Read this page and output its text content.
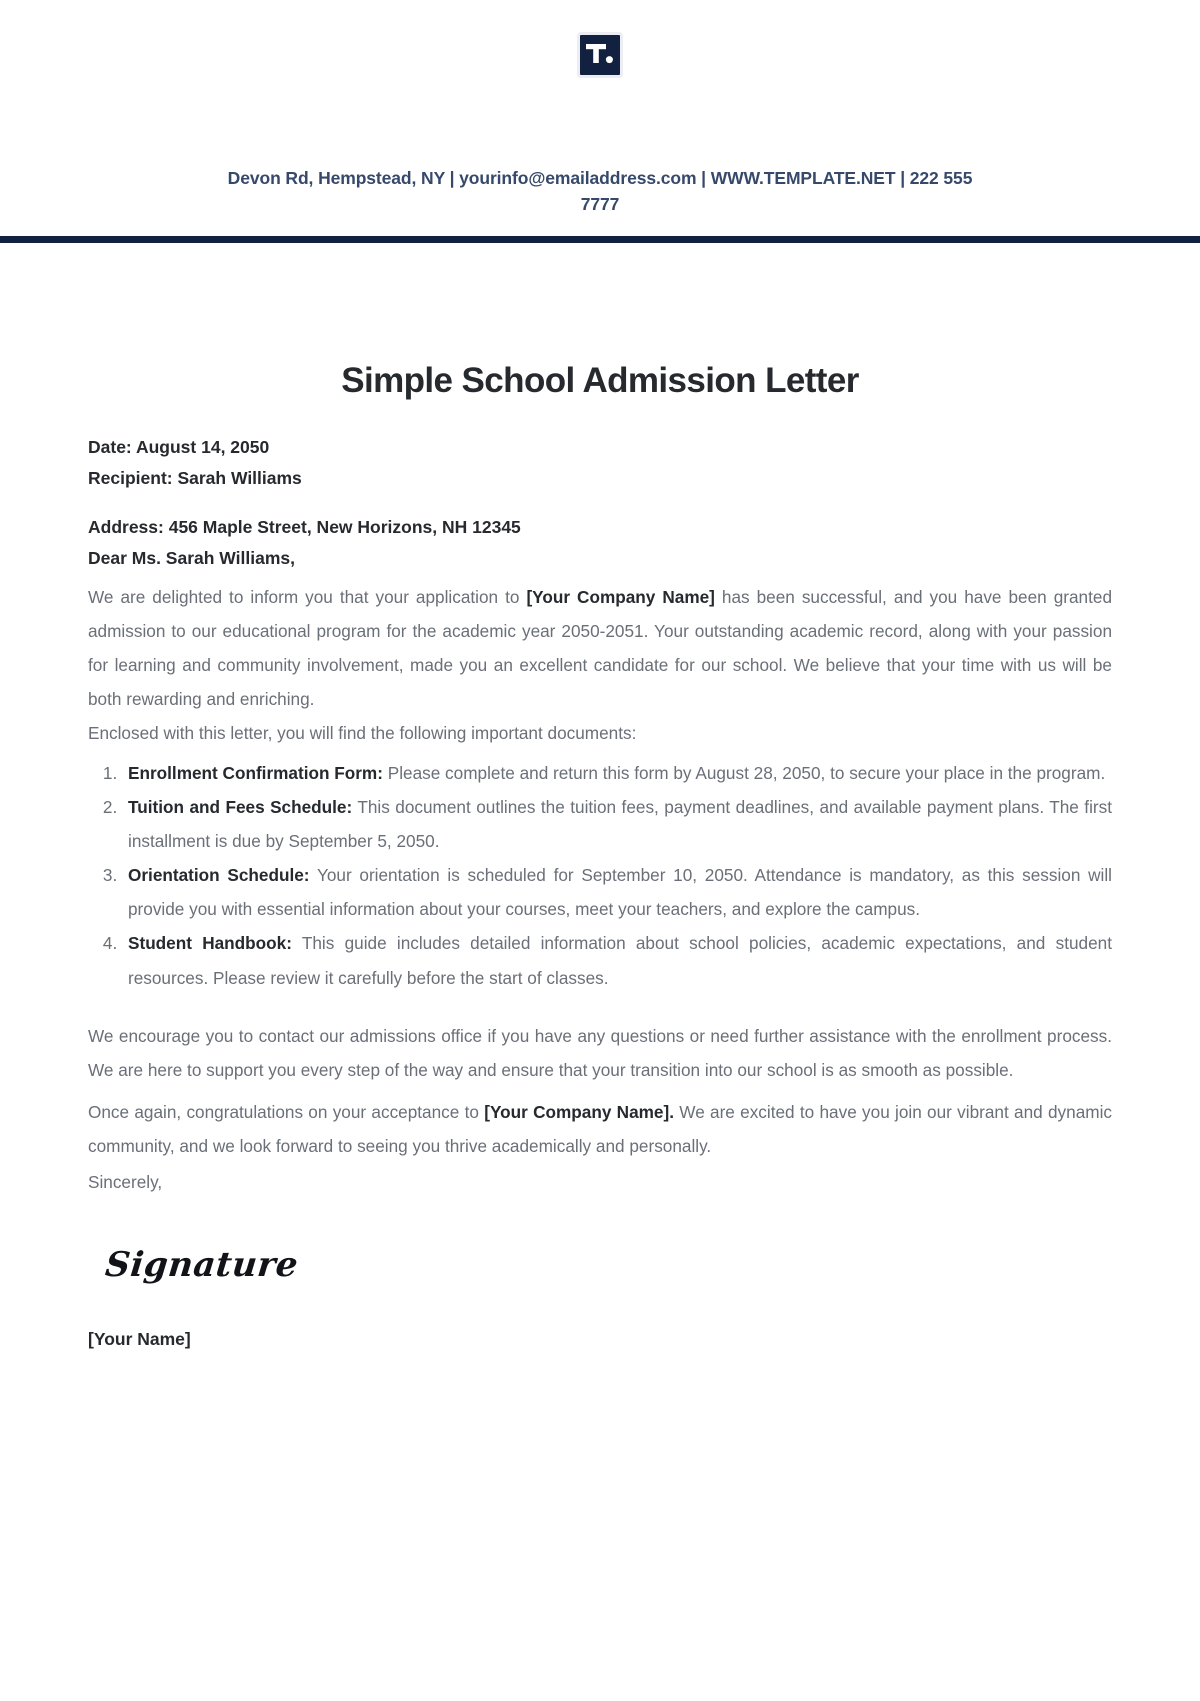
Devon Rd, Hempstead, NY | yourinfo@emailaddress.com | WWW.TEMPLATE.NET | 222 555 7777
Simple School Admission Letter

Date: August 14, 2050

Recipient: Sarah Williams

Address: 456 Maple Street, New Horizons, NH 12345

Dear Ms. Sarah Williams,

We are delighted to inform you that your application to [Your Company Name] has been successful, and you have been granted admission to our educational program for the academic year 2050-2051. Your outstanding academic record, along with your passion for learning and community involvement, made you an excellent candidate for our school. We believe that your time with us will be both rewarding and enriching.

Enclosed with this letter, you will find the following important documents:

1. Enrollment Confirmation Form: Please complete and return this form by August 28, 2050, to secure your place in the program.
2. Tuition and Fees Schedule: This document outlines the tuition fees, payment deadlines, and available payment plans. The first installment is due by September 5, 2050.
3. Orientation Schedule: Your orientation is scheduled for September 10, 2050. Attendance is mandatory, as this session will provide you with essential information about your courses, meet your teachers, and explore the campus.
4. Student Handbook: This guide includes detailed information about school policies, academic expectations, and student resources. Please review it carefully before the start of classes.

We encourage you to contact our admissions office if you have any questions or need further assistance with the enrollment process. We are here to support you every step of the way and ensure that your transition into our school is as smooth as possible.

Once again, congratulations on your acceptance to [Your Company Name]. We are excited to have you join our vibrant and dynamic community, and we look forward to seeing you thrive academically and personally.

Sincerely,

Signature

[Your Name]
